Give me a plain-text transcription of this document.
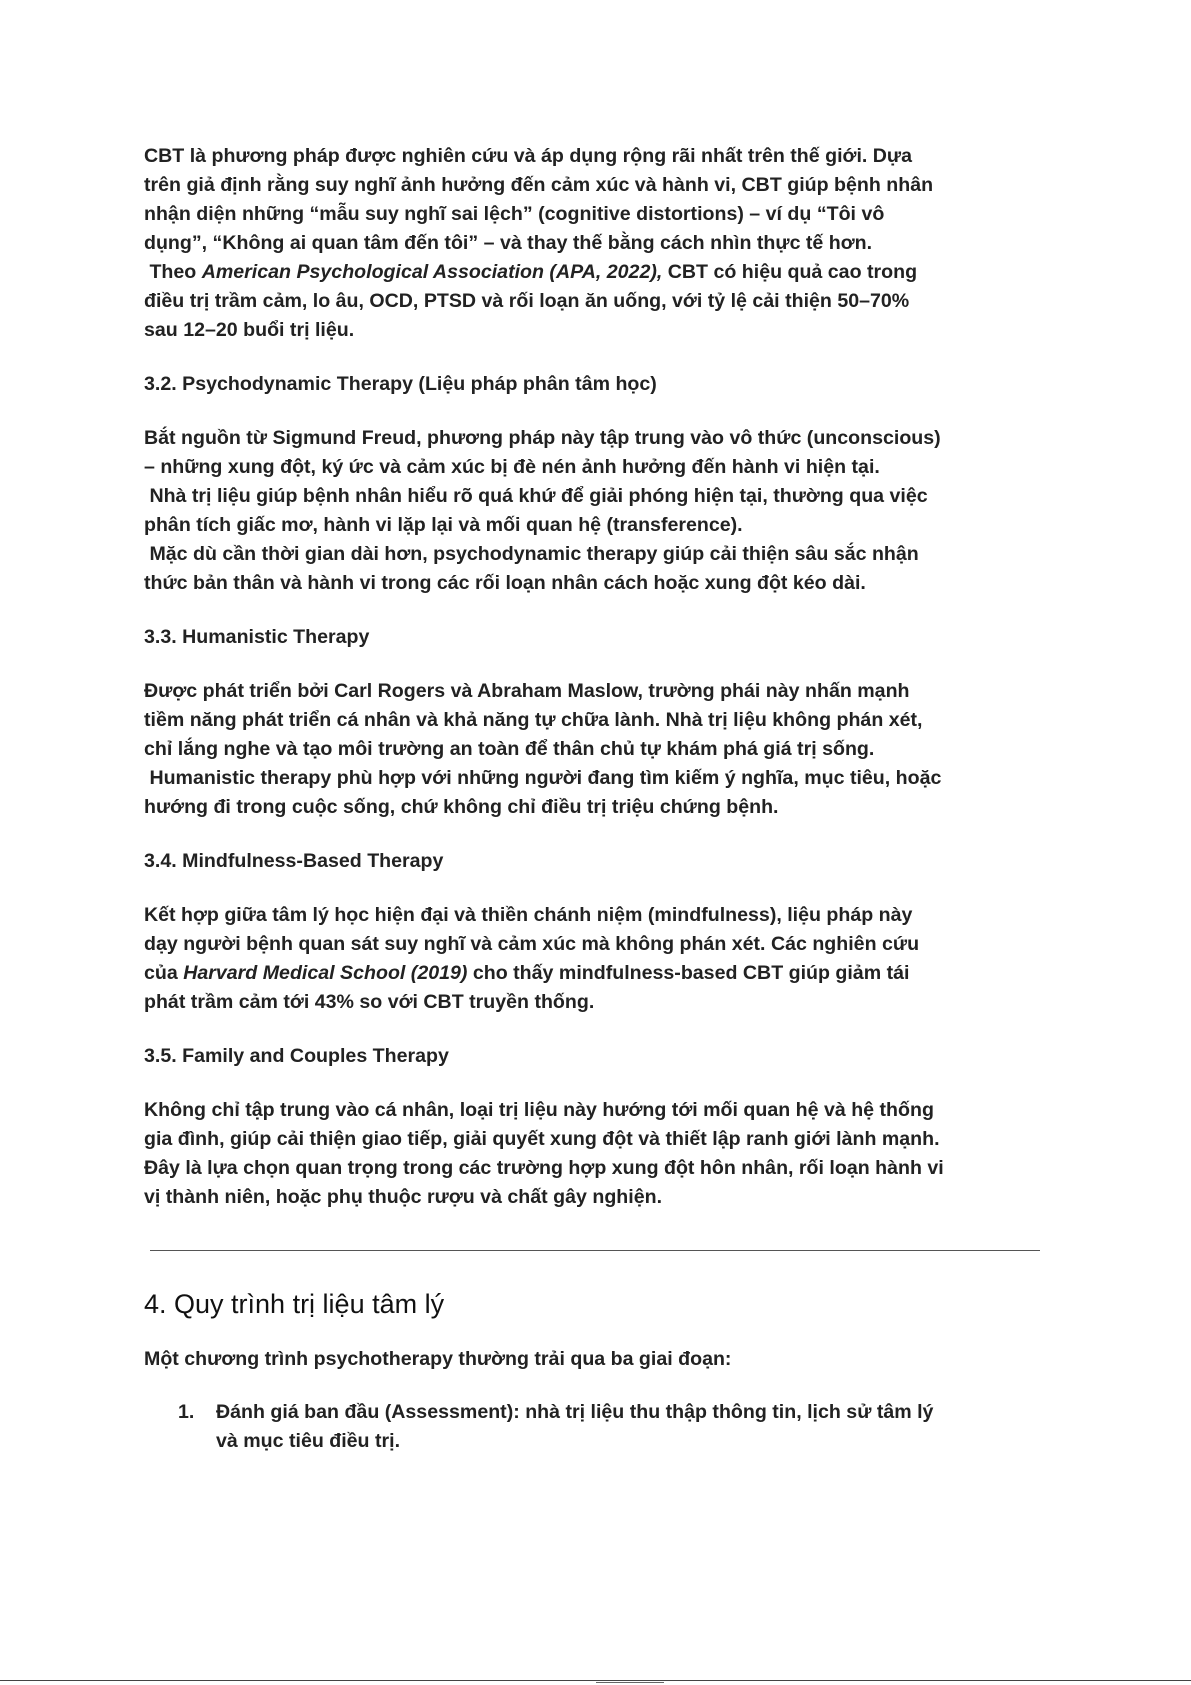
CBT là phương pháp được nghiên cứu và áp dụng rộng rãi nhất trên thế giới. Dựa
trên giả định rằng suy nghĩ ảnh hưởng đến cảm xúc và hành vi, CBT giúp bệnh nhân
nhận diện những “mẫu suy nghĩ sai lệch” (cognitive distortions) – ví dụ “Tôi vô
dụng”, “Không ai quan tâm đến tôi” – và thay thế bằng cách nhìn thực tế hơn.
Theo American Psychological Association (APA, 2022), CBT có hiệu quả cao trong
điều trị trầm cảm, lo âu, OCD, PTSD và rối loạn ăn uống, với tỷ lệ cải thiện 50–70%
sau 12–20 buổi trị liệu.

3.2. Psychodynamic Therapy (Liệu pháp phân tâm học)

Bắt nguồn từ Sigmund Freud, phương pháp này tập trung vào vô thức (unconscious)
– những xung đột, ký ức và cảm xúc bị đè nén ảnh hưởng đến hành vi hiện tại.
Nhà trị liệu giúp bệnh nhân hiểu rõ quá khứ để giải phóng hiện tại, thường qua việc
phân tích giấc mơ, hành vi lặp lại và mối quan hệ (transference).
Mặc dù cần thời gian dài hơn, psychodynamic therapy giúp cải thiện sâu sắc nhận
thức bản thân và hành vi trong các rối loạn nhân cách hoặc xung đột kéo dài.

3.3. Humanistic Therapy

Được phát triển bởi Carl Rogers và Abraham Maslow, trường phái này nhấn mạnh
tiềm năng phát triển cá nhân và khả năng tự chữa lành. Nhà trị liệu không phán xét,
chỉ lắng nghe và tạo môi trường an toàn để thân chủ tự khám phá giá trị sống.
Humanistic therapy phù hợp với những người đang tìm kiếm ý nghĩa, mục tiêu, hoặc
hướng đi trong cuộc sống, chứ không chỉ điều trị triệu chứng bệnh.

3.4. Mindfulness-Based Therapy

Kết hợp giữa tâm lý học hiện đại và thiền chánh niệm (mindfulness), liệu pháp này
dạy người bệnh quan sát suy nghĩ và cảm xúc mà không phán xét. Các nghiên cứu
của Harvard Medical School (2019) cho thấy mindfulness-based CBT giúp giảm tái
phát trầm cảm tới 43% so với CBT truyền thống.

3.5. Family and Couples Therapy

Không chỉ tập trung vào cá nhân, loại trị liệu này hướng tới mối quan hệ và hệ thống
gia đình, giúp cải thiện giao tiếp, giải quyết xung đột và thiết lập ranh giới lành mạnh.
Đây là lựa chọn quan trọng trong các trường hợp xung đột hôn nhân, rối loạn hành vi
vị thành niên, hoặc phụ thuộc rượu và chất gây nghiện.

4. Quy trình trị liệu tâm lý

Một chương trình psychotherapy thường trải qua ba giai đoạn:

1. Đánh giá ban đầu (Assessment): nhà trị liệu thu thập thông tin, lịch sử tâm lý
và mục tiêu điều trị.
